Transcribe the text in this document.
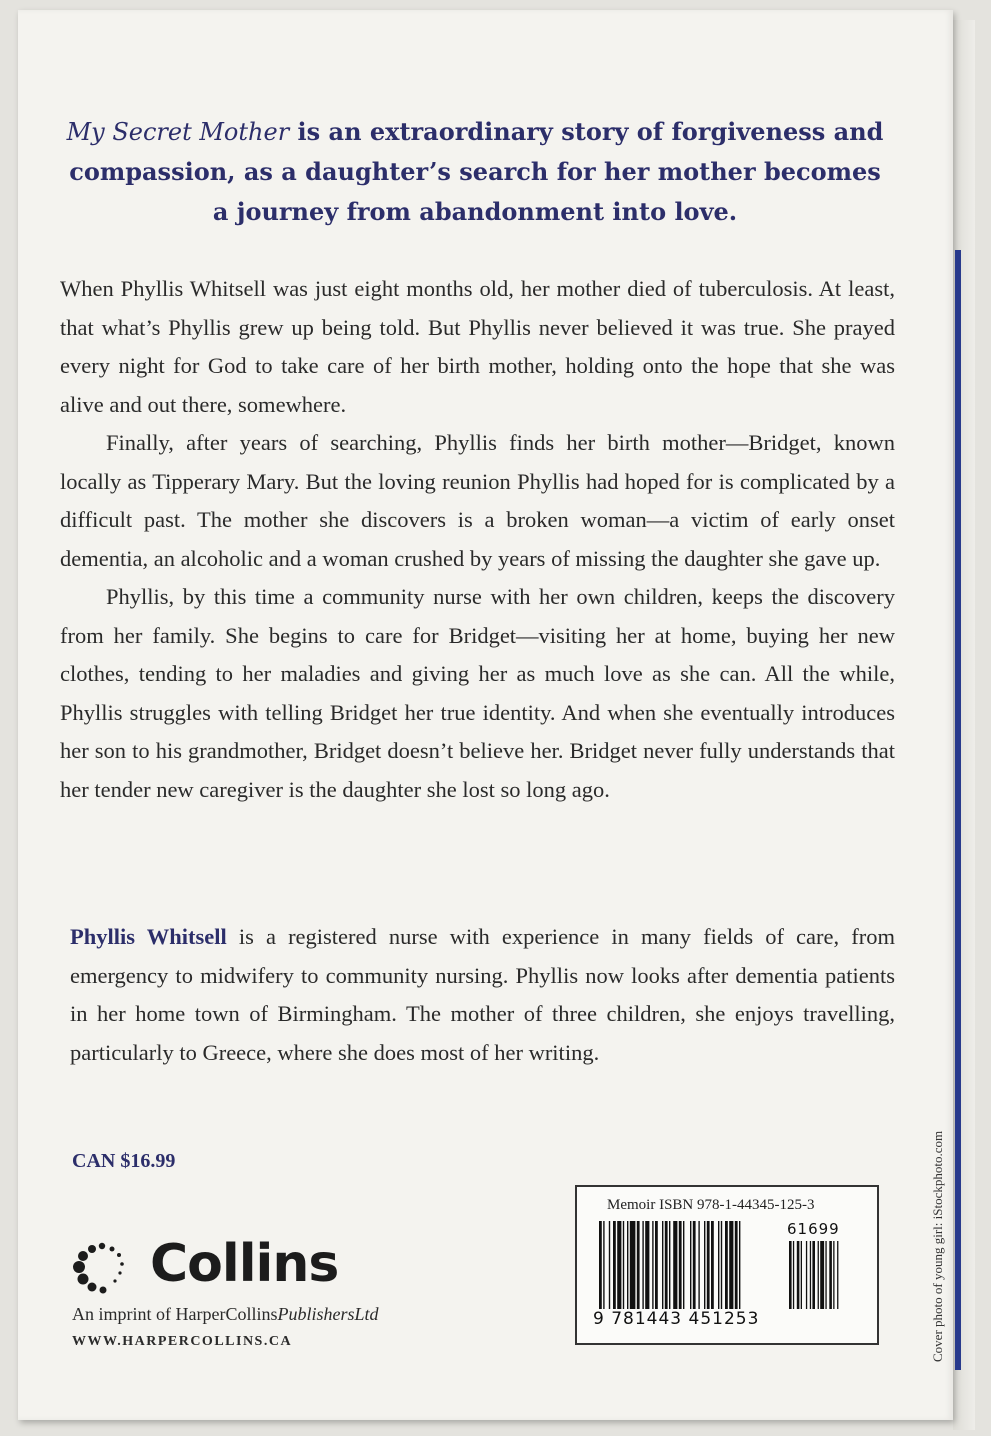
My Secret Mother is an extraordinary story of forgiveness and compassion, as a daughter’s search for her mother becomes a journey from abandonment into love.

When Phyllis Whitsell was just eight months old, her mother died of tuberculosis. At least, that what’s Phyllis grew up being told. But Phyllis never believed it was true. She prayed every night for God to take care of her birth mother, holding onto the hope that she was alive and out there, somewhere.

Finally, after years of searching, Phyllis finds her birth mother—Bridget, known locally as Tipperary Mary. But the loving reunion Phyllis had hoped for is complicated by a difficult past. The mother she discovers is a broken woman—a victim of early onset dementia, an alcoholic and a woman crushed by years of missing the daughter she gave up.

Phyllis, by this time a community nurse with her own children, keeps the discovery from her family. She begins to care for Bridget—visiting her at home, buying her new clothes, tending to her maladies and giving her as much love as she can. All the while, Phyllis struggles with telling Bridget her true identity. And when she eventually introduces her son to his grandmother, Bridget doesn’t believe her. Bridget never fully understands that her tender new caregiver is the daughter she lost so long ago.

Phyllis Whitsell is a registered nurse with experience in many fields of care, from emergency to midwifery to community nursing. Phyllis now looks after dementia patients in her home town of Birmingham. The mother of three children, she enjoys travelling, particularly to Greece, where she does most of her writing.
CAN $16.99
Collins
An imprint of HarperCollinsPublishersLtd
WWW.HARPERCOLLINS.CA
Memoir ISBN 978-1-44345-125-3
9 781443 451253
61699	Cover photo of young girl: iStockphoto.com
